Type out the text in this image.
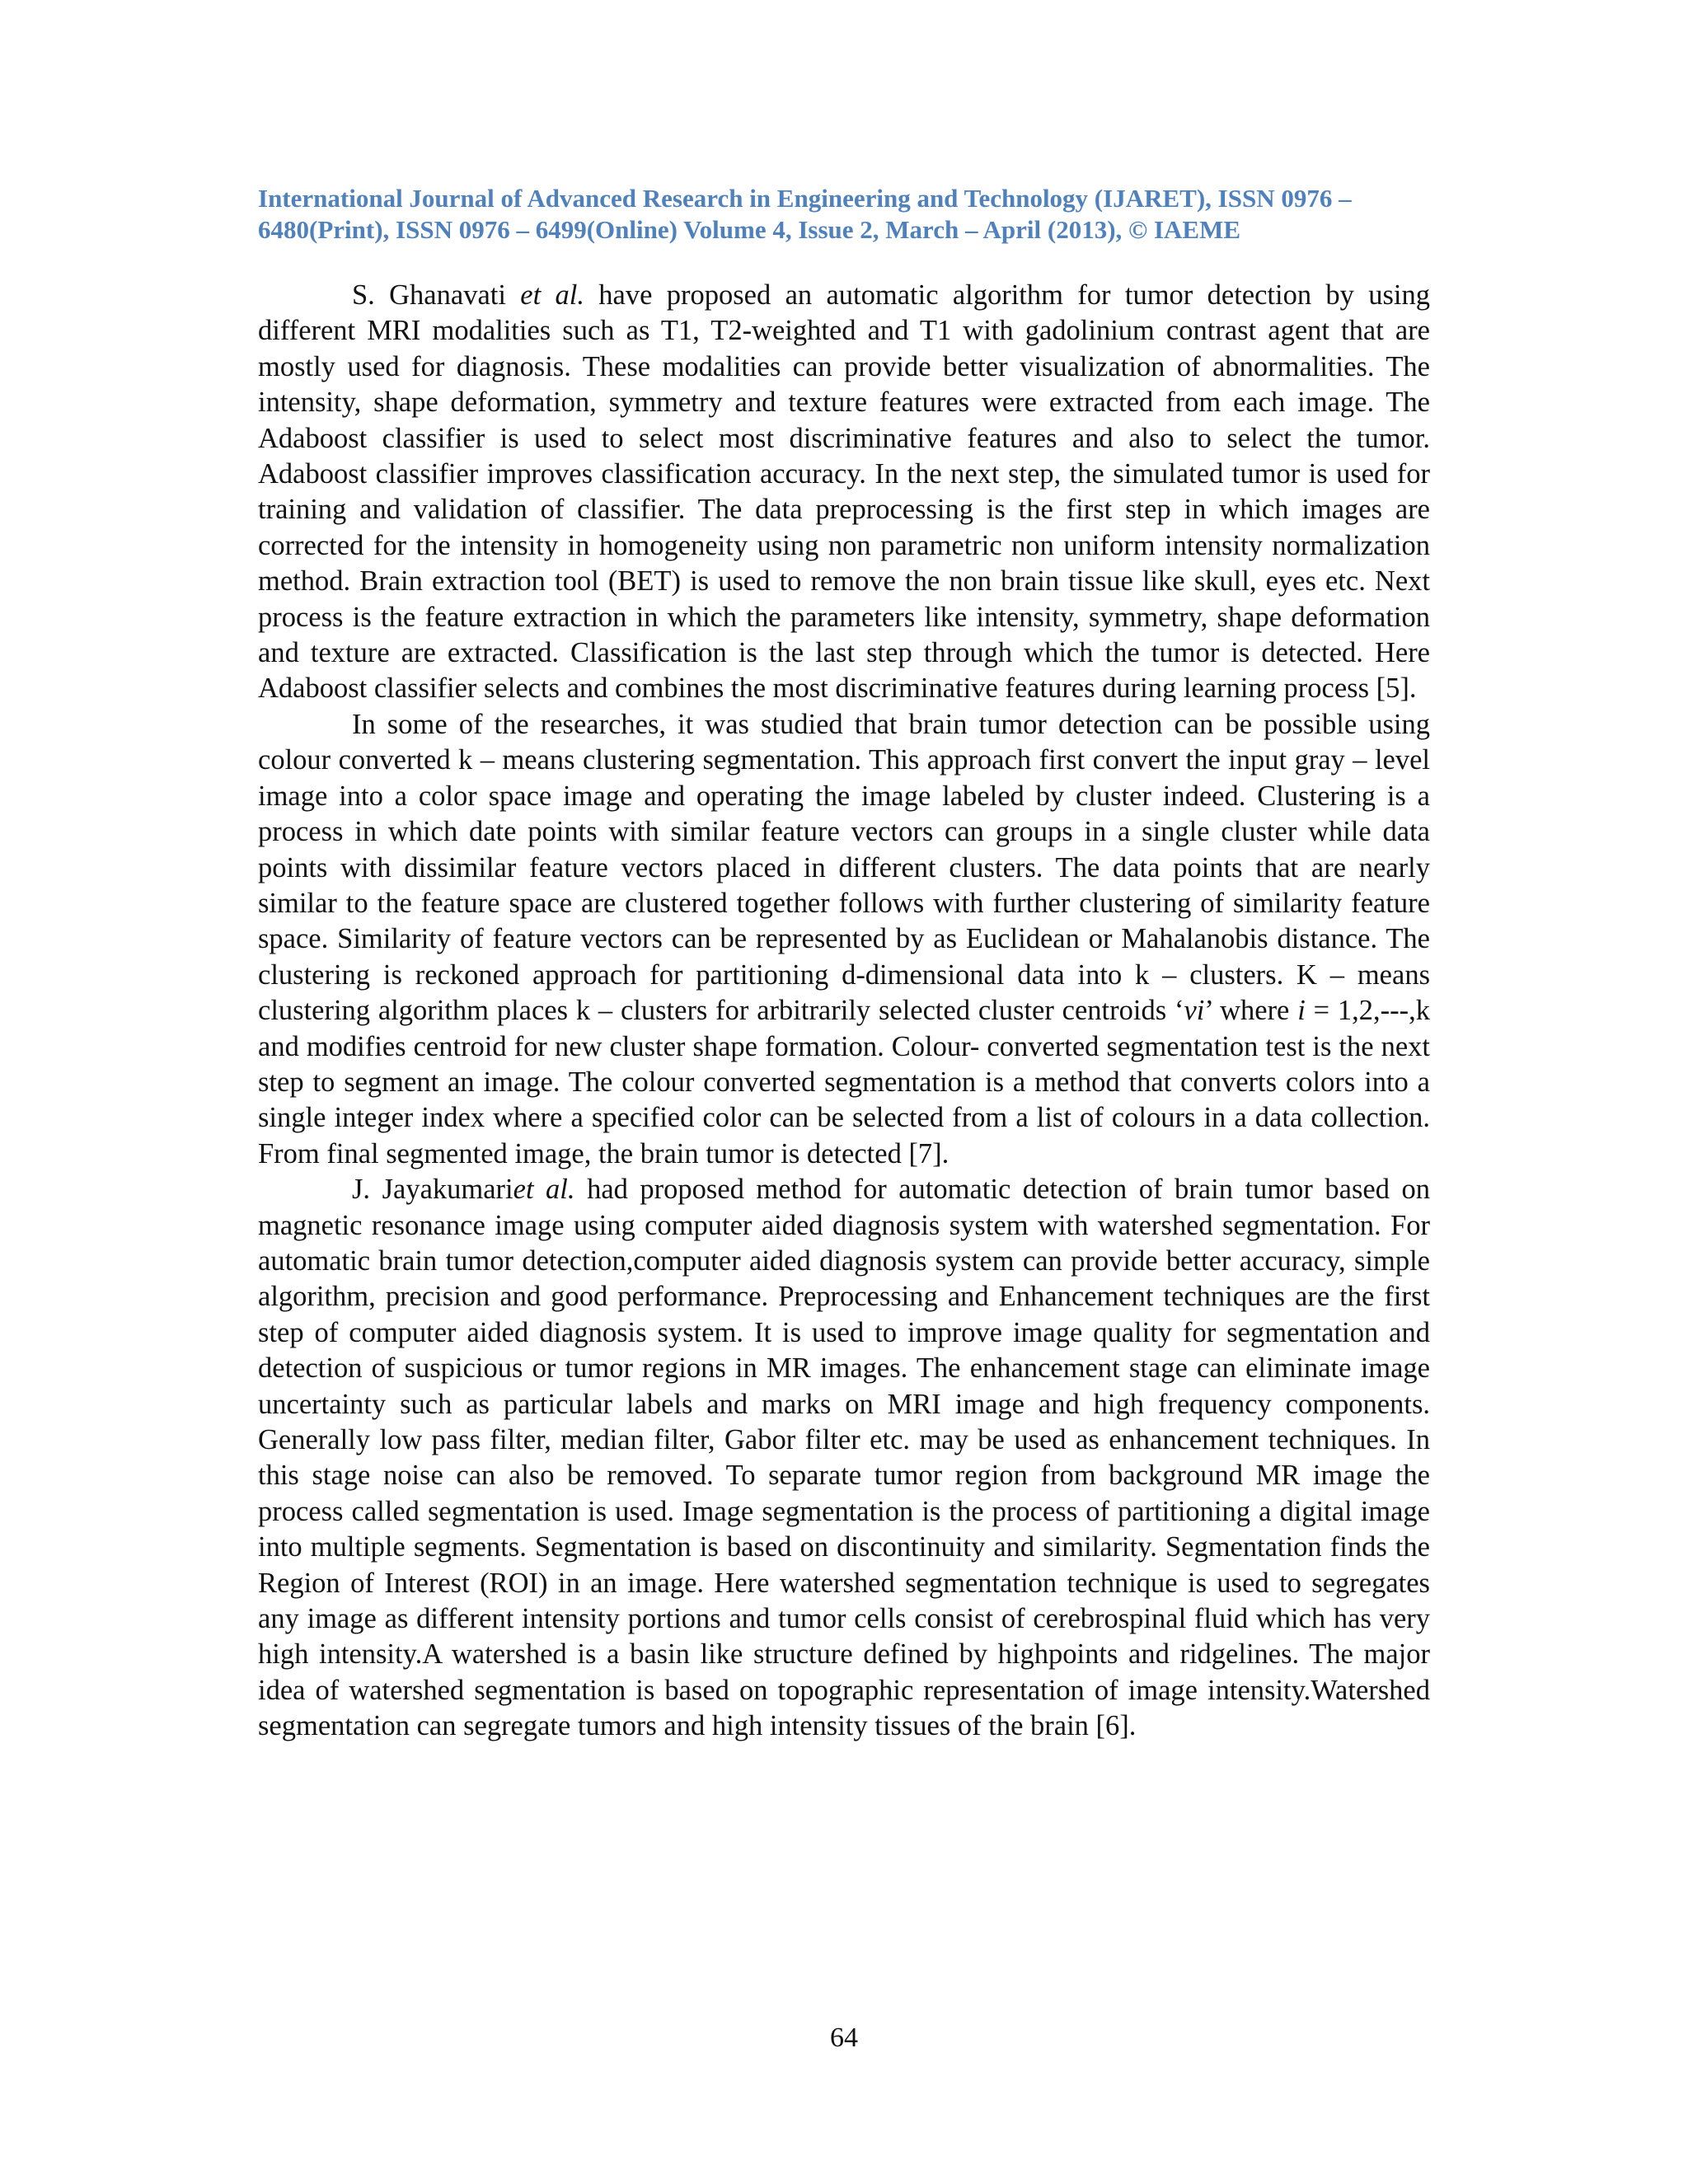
International Journal of Advanced Research in Engineering and Technology (IJARET), ISSN 0976 –
6480(Print), ISSN 0976 – 6499(Online) Volume 4, Issue 2, March – April (2013), © IAEME

S. Ghanavati et al. have proposed an automatic algorithm for tumor detection by using different MRI modalities such as T1, T2-weighted and T1 with gadolinium contrast agent that are mostly used for diagnosis. These modalities can provide better visualization of abnormalities. The intensity, shape deformation, symmetry and texture features were extracted from each image. The Adaboost classifier is used to select most discriminative features and also to select the tumor. Adaboost classifier improves classification accuracy. In the next step, the simulated tumor is used for training and validation of classifier. The data preprocessing is the first step in which images are corrected for the intensity in homogeneity using non parametric non uniform intensity normalization method. Brain extraction tool (BET) is used to remove the non brain tissue like skull, eyes etc. Next process is the feature extraction in which the parameters like intensity, symmetry, shape deformation and texture are extracted. Classification is the last step through which the tumor is detected. Here Adaboost classifier selects and combines the most discriminative features during learning process [5].

In some of the researches, it was studied that brain tumor detection can be possible using colour converted k – means clustering segmentation. This approach first convert the input gray – level image into a color space image and operating the image labeled by cluster indeed. Clustering is a process in which date points with similar feature vectors can groups in a single cluster while data points with dissimilar feature vectors placed in different clusters. The data points that are nearly similar to the feature space are clustered together follows with further clustering of similarity feature space. Similarity of feature vectors can be represented by as Euclidean or Mahalanobis distance. The clustering is reckoned approach for partitioning d-dimensional data into k – clusters. K – means clustering algorithm places k – clusters for arbitrarily selected cluster centroids ‘vi’ where i = 1,2,---,k and modifies centroid for new cluster shape formation. Colour- converted segmentation test is the next step to segment an image. The colour converted segmentation is a method that converts colors into a single integer index where a specified color can be selected from a list of colours in a data collection. From final segmented image, the brain tumor is detected [7].

J. Jayakumariet al. had proposed method for automatic detection of brain tumor based on magnetic resonance image using computer aided diagnosis system with watershed segmentation. For automatic brain tumor detection,computer aided diagnosis system can provide better accuracy, simple algorithm, precision and good performance. Preprocessing and Enhancement techniques are the first step of computer aided diagnosis system. It is used to improve image quality for segmentation and detection of suspicious or tumor regions in MR images. The enhancement stage can eliminate image uncertainty such as particular labels and marks on MRI image and high frequency components. Generally low pass filter, median filter, Gabor filter etc. may be used as enhancement techniques. In this stage noise can also be removed. To separate tumor region from background MR image the process called segmentation is used. Image segmentation is the process of partitioning a digital image into multiple segments. Segmentation is based on discontinuity and similarity. Segmentation finds the Region of Interest (ROI) in an image. Here watershed segmentation technique is used to segregates any image as different intensity portions and tumor cells consist of cerebrospinal fluid which has very high intensity.A watershed is a basin like structure defined by highpoints and ridgelines. The major idea of watershed segmentation is based on topographic representation of image intensity.Watershed segmentation can segregate tumors and high intensity tissues of the brain [6].

64
